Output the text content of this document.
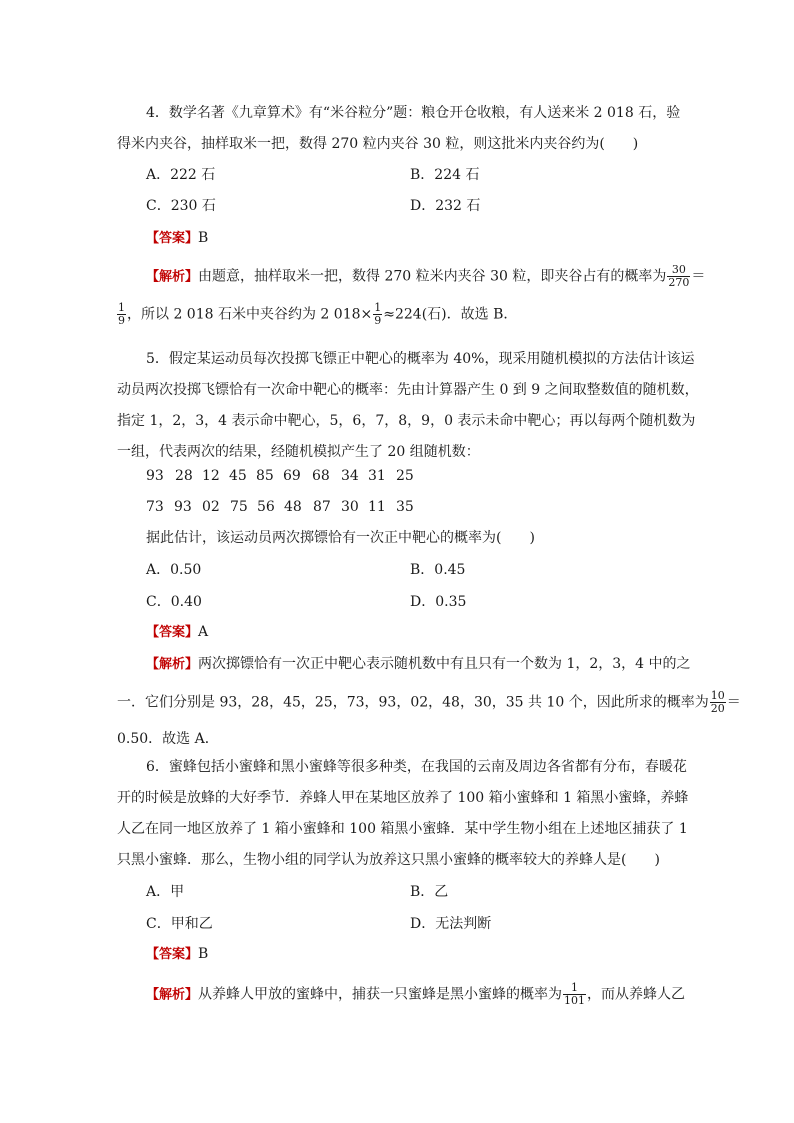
4．数学名著《九章算术》有“米谷粒分”题：粮仓开仓收粮，有人送来米 2 018 石，验
得米内夹谷，抽样取米一把，数得 270 粒内夹谷 30 粒，则这批米内夹谷约为(　　)
A．222 石	B．224 石
C．230 石	D．232 石
【答案】B
【解析】由题意，抽样取米一把，数得 270 粒米内夹谷 30 粒，即夹谷占有的概率为 $\frac{30}{270}$ ＝
$\frac{1}{9}$ ，所以 2 018 石米中夹谷约为 2 $018\times \frac{1}{9} \approx 224$(石)．故选 B．
5．假定某运动员每次投掷飞镖正中靶心的概率为 40%，现采用随机模拟的方法估计该运
动员两次投掷飞镖恰有一次命中靶心的概率：先由计算器产生 0 到 9 之间取整数值的随机数，
指定 1，2，3，4 表示命中靶心，5，6，7，8，9，0 表示未命中靶心；再以每两个随机数为
一组，代表两次的结果，经随机模拟产生了 20 组随机数：
93 28 12 45 85 69 68 34 31 25
73 93 02 75 56 48 87 30 11 35
据此估计，该运动员两次掷镖恰有一次正中靶心的概率为(　　)
A．0.50	B．0.45
C．0.40	D．0.35
【答案】A
【解析】两次掷镖恰有一次正中靶心表示随机数中有且只有一个数为 1，2，3，4 中的之
一．它们分别是 93，28，45，25，73，93，02，48，30，35 共 10 个，因此所求的概率为 $\frac{10}{20}$ ＝
0.50．故选 A．
6．蜜蜂包括小蜜蜂和黑小蜜蜂等很多种类，在我国的云南及周边各省都有分布，春暖花
开的时候是放蜂的大好季节．养蜂人甲在某地区放养了 100 箱小蜜蜂和 1 箱黑小蜜蜂，养蜂
人乙在同一地区放养了 1 箱小蜜蜂和 100 箱黑小蜜蜂．某中学生物小组在上述地区捕获了 1
只黑小蜜蜂．那么，生物小组的同学认为放养这只黑小蜜蜂的概率较大的养蜂人是(　　)
A．甲	B．乙
C．甲和乙	D．无法判断
【答案】B
【解析】从养蜂人甲放的蜜蜂中，捕获一只蜜蜂是黑小蜜蜂的概率为 $\frac{1}{101}$ ，而从养蜂人乙
